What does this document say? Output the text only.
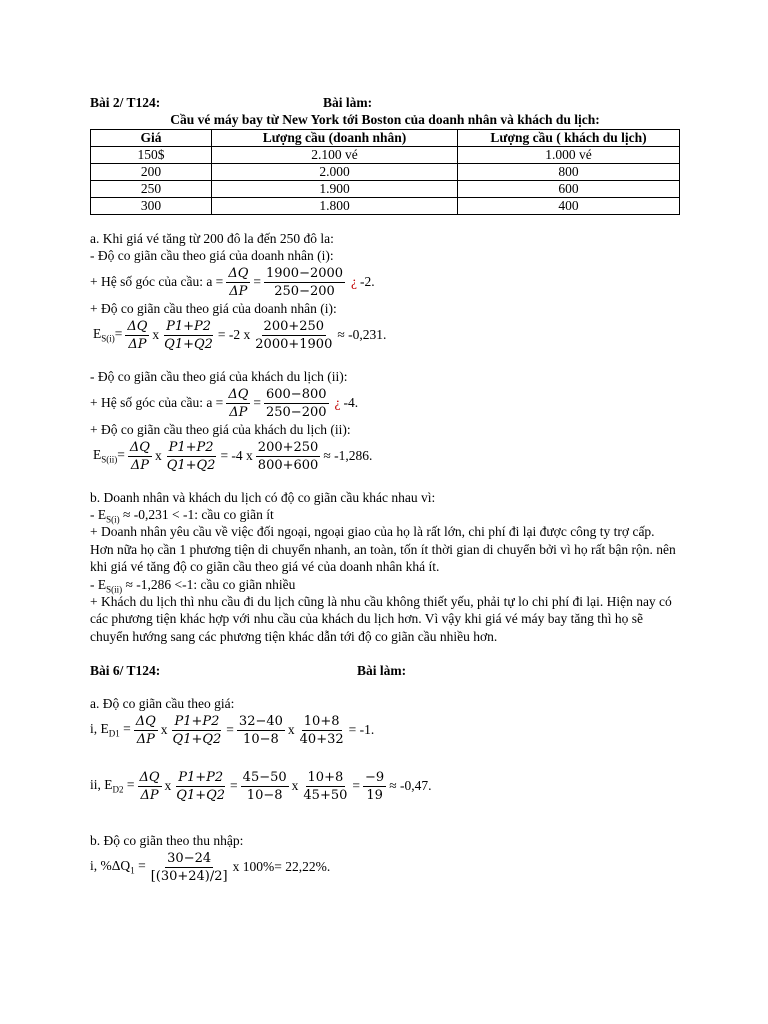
Bài 2/ T124:	Bài làm:
Cầu vé máy bay từ New York tới Boston của doanh nhân và khách du lịch:
Giá	Lượng cầu (doanh nhân)	Lượng cầu ( khách du lịch)
150$	2.100 vé	1.000 vé
200	2.000	800
250	1.900	600
300	1.800	400
a. Khi giá vé tăng từ 200 đô la đến 250 đô la:
- Độ co giãn cầu theo giá của doanh nhân (i):
+ Hệ số góc của cầu: $a = \frac{\Delta Q}{\Delta P} = \frac{1900-2000}{250-200}$ ¿ -2.
+ Độ co giãn cầu theo giá của doanh nhân (i):
$E_{S(i)}= \frac{\Delta Q}{\Delta P}$ x $\frac{P1+P2}{Q1+Q2} = -2$ x $\frac{200+250}{2000+1900} \approx -0,231$.
- Độ co giãn cầu theo giá của khách du lịch (ii):
+ Hệ số góc của cầu: $a = \frac{\Delta Q}{\Delta P} = \frac{600-800}{250-200}$ ¿ -4.
+ Độ co giãn cầu theo giá của khách du lịch (ii):
$E_{S(ii)}= \frac{\Delta Q}{\Delta P}$ x $\frac{P1+P2}{Q1+Q2} = -4$ x $\frac{200+250}{800+600} \approx -1,286$.
b. Doanh nhân và khách du lịch có độ co giãn cầu khác nhau vì:
- $E_{S(i)} \approx -0,231 < -1$: cầu co giãn ít
+ Doanh nhân yêu cầu về việc đối ngoại, ngoại giao của họ là rất lớn, chi phí đi lại được công ty trợ cấp. Hơn nữa họ cần 1 phương tiện di chuyển nhanh, an toàn, tốn ít thời gian di chuyển bởi vì họ rất bận rộn. nên khi giá vé tăng độ co giãn cầu theo giá vé của doanh nhân khá ít.
- $E_{S(ii)} \approx -1,286 <-1$: cầu co giãn nhiều
+ Khách du lịch thì nhu cầu đi du lịch cũng là nhu cầu không thiết yếu, phải tự lo chi phí đi lại. Hiện nay có các phương tiện khác hợp với nhu cầu của khách du lịch hơn. Vì vậy khi giá vé máy bay tăng thì họ sẽ chuyển hướng sang các phương tiện khác dẫn tới độ co giãn cầu nhiều hơn.
Bài 6/ T124:	Bài làm:
a. Độ co giãn cầu theo giá:
i, $E_{D1} = \frac{\Delta Q}{\Delta P}$ x $\frac{P1+P2}{Q1+Q2} = \frac{32-40}{10-8}$ x $\frac{10+8}{40+32} = -1$.
ii, $E_{D2} = \frac{\Delta Q}{\Delta P}$ x $\frac{P1+P2}{Q1+Q2} = \frac{45-50}{10-8}$ x $\frac{10+8}{45+50} = \frac{-9}{19} \approx -0,47$.
b. Độ co giãn theo thu nhập:
i, $\%\Delta Q_1 = \frac{30-24}{[(30+24)/2]}$ x 100%= 22,22%.
